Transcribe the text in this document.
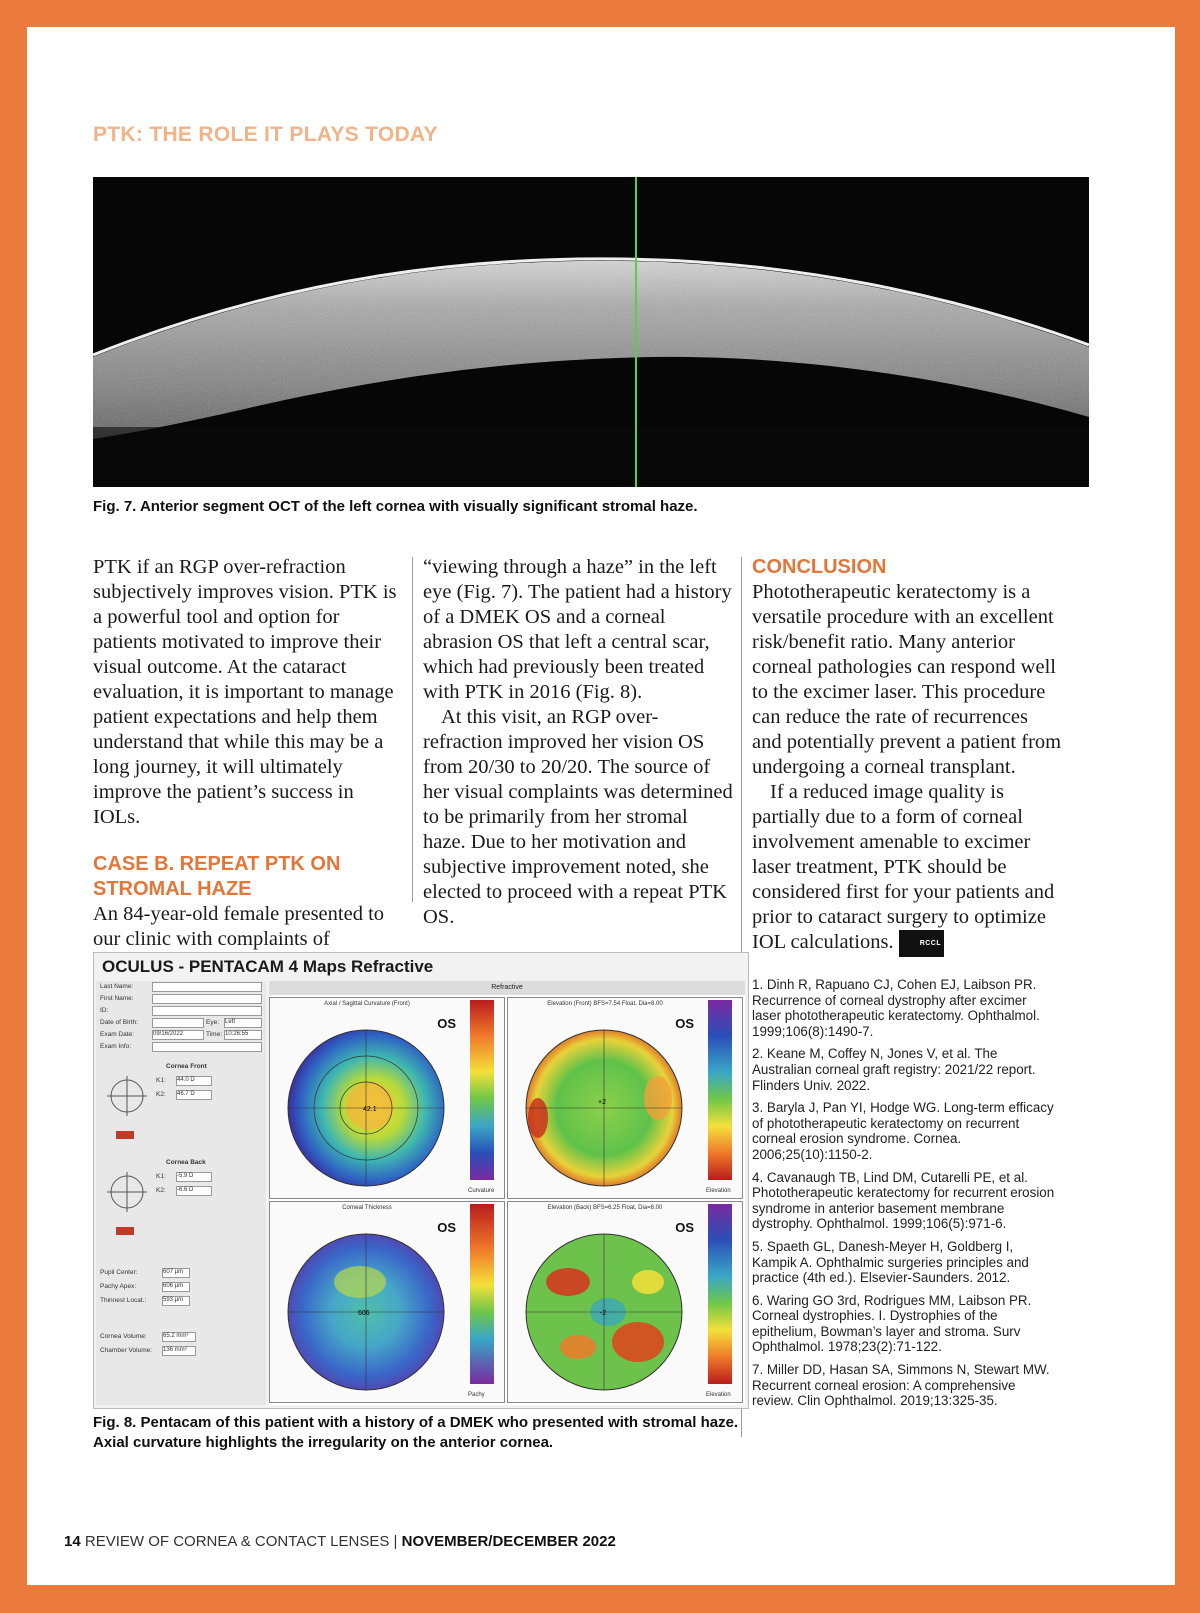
PTK: THE ROLE IT PLAYS TODAY
Fig. 7. Anterior segment OCT of the left cornea with visually significant stromal haze.

PTK if an RGP over-refraction subjectively improves vision. PTK is a powerful tool and option for patients motivated to improve their visual outcome. At the cataract evaluation, it is important to manage patient expectations and help them understand that while this may be a long journey, it will ultimately improve the patient’s success in IOLs.

CASE B. REPEAT PTK ON STROMAL HAZE

An 84-year-old female presented to our clinic with complaints of

“viewing through a haze” in the left eye (Fig. 7). The patient had a history of a DMEK OS and a corneal abrasion OS that left a central scar, which had previously been treated with PTK in 2016 (Fig. 8).

At this visit, an RGP over-refraction improved her vision OS from 20/30 to 20/20. The source of her visual complaints was determined to be primarily from her stromal haze. Due to her motivation and subjective improvement noted, she elected to proceed with a repeat PTK OS.

CONCLUSION

Phototherapeutic keratectomy is a versatile procedure with an excellent risk/benefit ratio. Many anterior corneal pathologies can respond well to the excimer laser. This procedure can reduce the rate of recurrences and potentially prevent a patient from undergoing a corneal transplant.

If a reduced image quality is partially due to a form of corneal involvement amenable to excimer laser treatment, PTK should be considered first for your patients and prior to cataract surgery to optimize IOL calculations.	RCCL

1. Dinh R, Rapuano CJ, Cohen EJ, Laibson PR. Recurrence of corneal dystrophy after excimer laser phototherapeutic keratectomy. Ophthalmol. 1999;106(8):1490-7.

2. Keane M, Coffey N, Jones V, et al. The Australian corneal graft registry: 2021/22 report. Flinders Univ. 2022.

3. Baryla J, Pan YI, Hodge WG. Long-term efficacy of phototherapeutic keratectomy on recurrent corneal erosion syndrome. Cornea. 2006;25(10):1150-2.

4. Cavanaugh TB, Lind DM, Cutarelli PE, et al. Phototherapeutic keratectomy for recurrent erosion syndrome in anterior basement membrane dystrophy. Ophthalmol. 1999;106(5):971-6.

5. Spaeth GL, Danesh-Meyer H, Goldberg I, Kampik A. Ophthalmic surgeries principles and practice (4th ed.). Elsevier-Saunders. 2012.

6. Waring GO 3rd, Rodrigues MM, Laibson PR. Corneal dystrophies. I. Dystrophies of the epithelium, Bowman’s layer and stroma. Surv Ophthalmol. 1978;23(2):71-122.

7. Miller DD, Hasan SA, Simmons N, Stewart MW. Recurrent corneal erosion: A comprehensive review. Clin Ophthalmol. 2019;13:325-35.

OCULUS - PENTACAM 4 Maps Refractive
Last Name:
First Name:
ID:
Date of Birth:	Eye: Left
Exam Date:	09/16/2022	Time: 10:26:55
Exam Info:
Cornea Front
K1: 44.0 D
K2: 46.7 D
Cornea Back
K1: -5.9 D
K2: -6.6 D
Pupil Center:	607 µm
Pachy Apex:	606 µm
Thinnest Locat.:	593 µm
Cornea Volume:	65.2 mm³
Chamber Volume: 136 mm³
Refractive
Axial / Sagittal Curvature (Front)
OS
42.1
Curvature
Elevation (Front) BFS=7.54 Float, Dia=8.00
OS
+2
Elevation
Corneal Thickness
OS
606
Pachy
Elevation (Back) BFS=6.25 Float, Dia=8.00
OS
-2
Elevation
Fig. 8. Pentacam of this patient with a history of a DMEK who presented with stromal haze. Axial curvature highlights the irregularity on the anterior cornea.
14 REVIEW OF CORNEA & CONTACT LENSES | NOVEMBER/DECEMBER 2022
